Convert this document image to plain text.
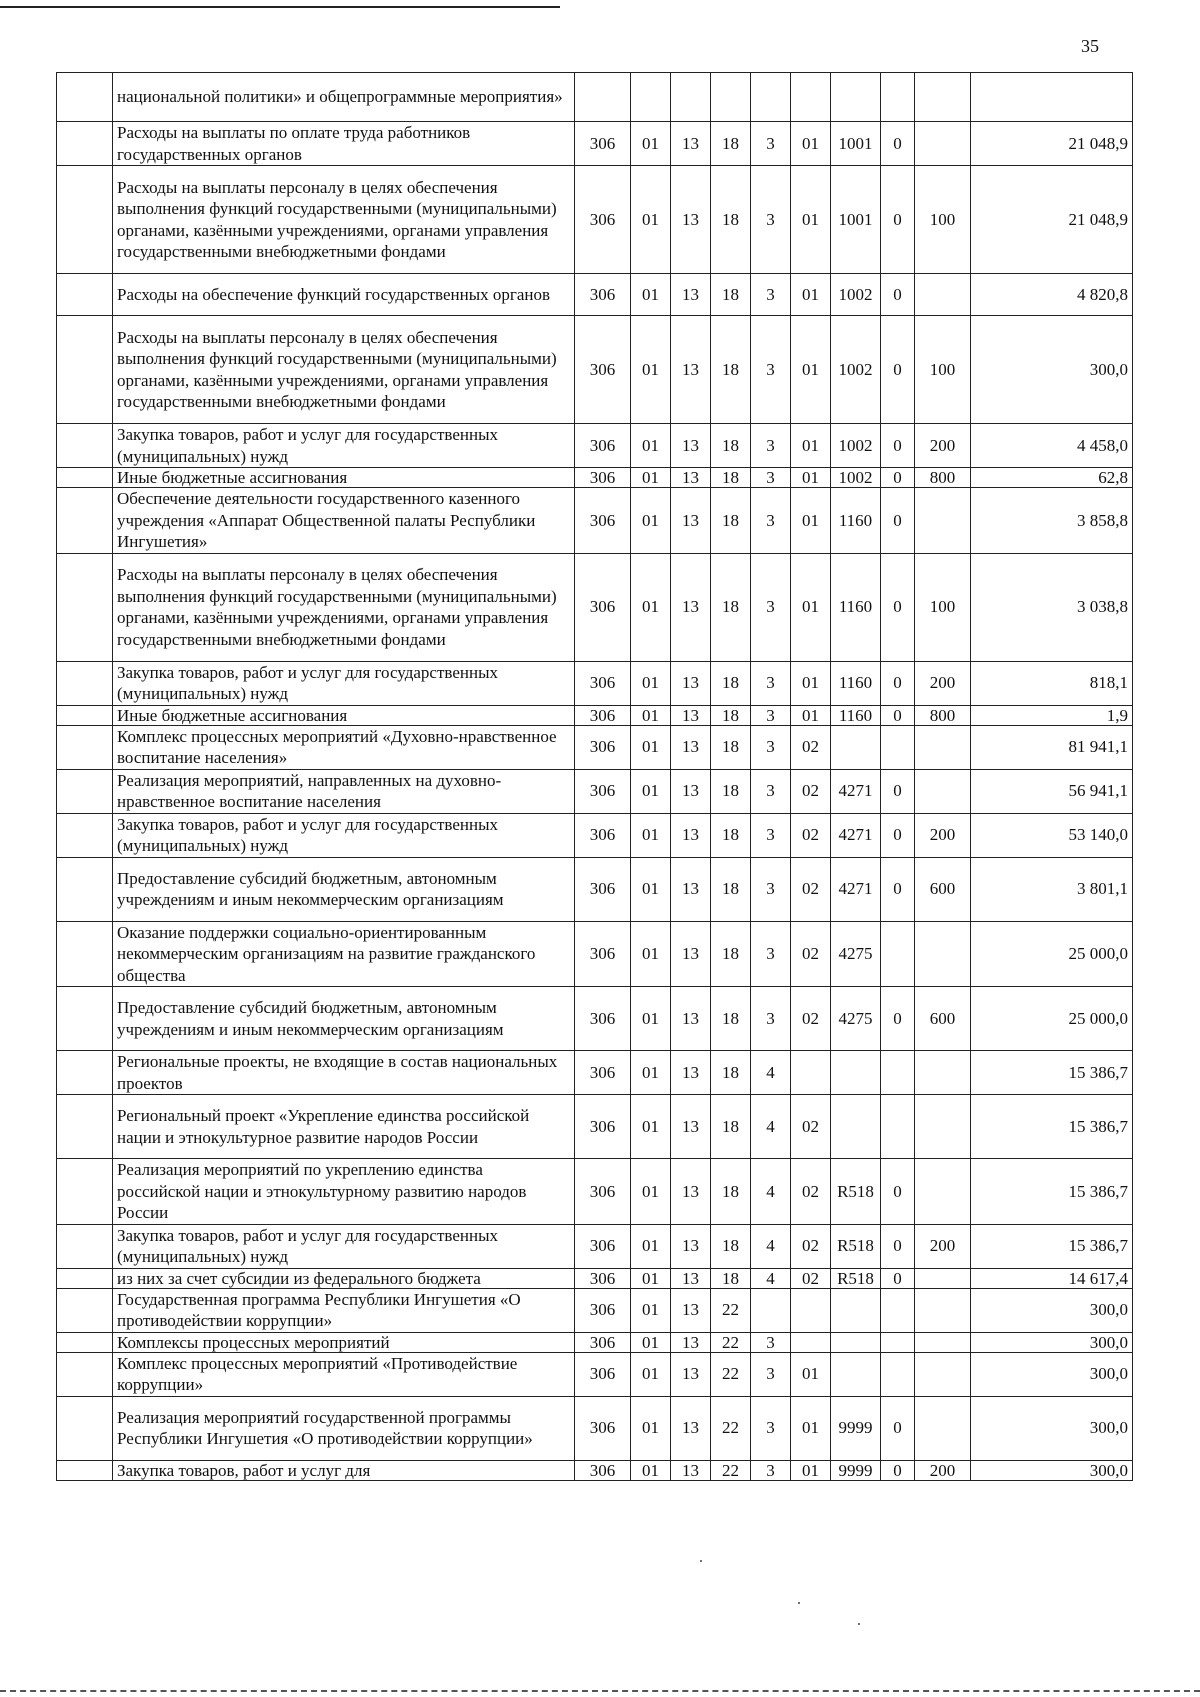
35
	национальной политики» и общепрограммные мероприятия»										
	Расходы на выплаты по оплате труда работников государственных органов	306	01	13	18	3	01	1001	0		21 048,9
	Расходы на выплаты персоналу в целях обеспечения выполнения функций государственными (муниципальными) органами, казёнными учреждениями, органами управления государственными внебюджетными фондами	306	01	13	18	3	01	1001	0	100	21 048,9
	Расходы на обеспечение функций государственных органов	306	01	13	18	3	01	1002	0		4 820,8
	Расходы на выплаты персоналу в целях обеспечения выполнения функций государственными (муниципальными) органами, казёнными учреждениями, органами управления государственными внебюджетными фондами	306	01	13	18	3	01	1002	0	100	300,0
	Закупка товаров, работ и услуг для государственных (муниципальных) нужд	306	01	13	18	3	01	1002	0	200	4 458,0
	Иные бюджетные ассигнования	306	01	13	18	3	01	1002	0	800	62,8
	Обеспечение деятельности государственного казенного учреждения «Аппарат Общественной палаты Республики Ингушетия»	306	01	13	18	3	01	1160	0		3 858,8
	Расходы на выплаты персоналу в целях обеспечения выполнения функций государственными (муниципальными) органами, казёнными учреждениями, органами управления государственными внебюджетными фондами	306	01	13	18	3	01	1160	0	100	3 038,8
	Закупка товаров, работ и услуг для государственных (муниципальных) нужд	306	01	13	18	3	01	1160	0	200	818,1
	Иные бюджетные ассигнования	306	01	13	18	3	01	1160	0	800	1,9
	Комплекс процессных мероприятий «Духовно-нравственное воспитание населения»	306	01	13	18	3	02				81 941,1
	Реализация мероприятий, направленных на духовно-нравственное воспитание населения	306	01	13	18	3	02	4271	0		56 941,1
	Закупка товаров, работ и услуг для государственных (муниципальных) нужд	306	01	13	18	3	02	4271	0	200	53 140,0
	Предоставление субсидий бюджетным, автономным учреждениям и иным некоммерческим организациям	306	01	13	18	3	02	4271	0	600	3 801,1
	Оказание поддержки социально-ориентированным некоммерческим организациям на развитие гражданского общества	306	01	13	18	3	02	4275			25 000,0
	Предоставление субсидий бюджетным, автономным учреждениям и иным некоммерческим организациям	306	01	13	18	3	02	4275	0	600	25 000,0
	Региональные проекты, не входящие в состав национальных проектов	306	01	13	18	4					15 386,7
	Региональный проект «Укрепление единства российской нации и этнокультурное развитие народов России	306	01	13	18	4	02				15 386,7
	Реализация мероприятий по укреплению единства российской нации и этнокультурному развитию народов России	306	01	13	18	4	02	R518	0		15 386,7
	Закупка товаров, работ и услуг для государственных (муниципальных) нужд	306	01	13	18	4	02	R518	0	200	15 386,7
	из них за счет субсидии из федерального бюджета	306	01	13	18	4	02	R518	0		14 617,4
	Государственная программа Республики Ингушетия «О противодействии коррупции»	306	01	13	22						300,0
	Комплексы процессных мероприятий	306	01	13	22	3					300,0
	Комплекс процессных мероприятий «Противодействие коррупции»	306	01	13	22	3	01				300,0
	Реализация мероприятий государственной программы Республики Ингушетия «О противодействии коррупции»	306	01	13	22	3	01	9999	0		300,0
	Закупка товаров, работ и услуг для	306	01	13	22	3	01	9999	0	200	300,0
